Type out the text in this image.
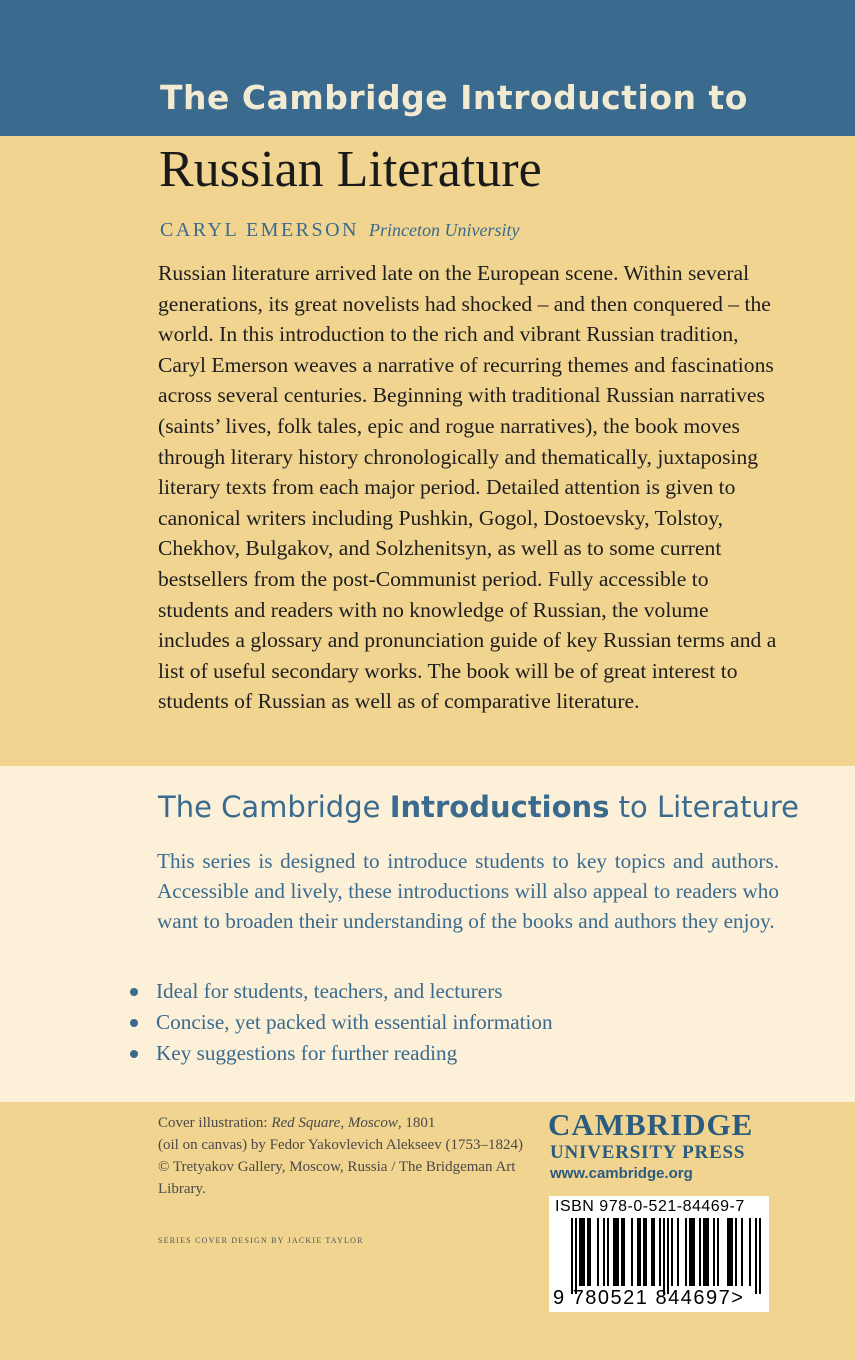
The Cambridge Introduction to
Russian Literature
CARYL EMERSON Princeton University

Russian literature arrived late on the European scene. Within several generations, its great novelists had shocked – and then conquered – the world. In this introduction to the rich and vibrant Russian tradition, Caryl Emerson weaves a narrative of recurring themes and fascinations across several centuries. Beginning with traditional Russian narratives (saints’ lives, folk tales, epic and rogue narratives), the book moves through literary history chronologically and thematically, juxtaposing literary texts from each major period. Detailed attention is given to canonical writers including Pushkin, Gogol, Dostoevsky, Tolstoy, Chekhov, Bulgakov, and Solzhenitsyn, as well as to some current bestsellers from the post-Communist period. Fully accessible to students and readers with no knowledge of Russian, the volume includes a glossary and pronunciation guide of key Russian terms and a list of useful secondary works. The book will be of great interest to students of Russian as well as of comparative literature.

The Cambridge Introductions to Literature

This series is designed to introduce students to key topics and authors. Accessible and lively, these introductions will also appeal to readers who want to broaden their understanding of the books and authors they enjoy.

Ideal for students, teachers, and lecturers
Concise, yet packed with essential information
Key suggestions for further reading

Cover illustration: Red Square, Moscow, 1801
(oil on canvas) by Fedor Yakovlevich Alekseev (1753–1824) © Tretyakov Gallery, Moscow, Russia / The Bridgeman Art Library.

SERIES COVER DESIGN BY JACKIE TAYLOR
CAMBRIDGE
UNIVERSITY PRESS
www.cambridge.org
ISBN 978-0-521-84469-7
9 780521 844697>
